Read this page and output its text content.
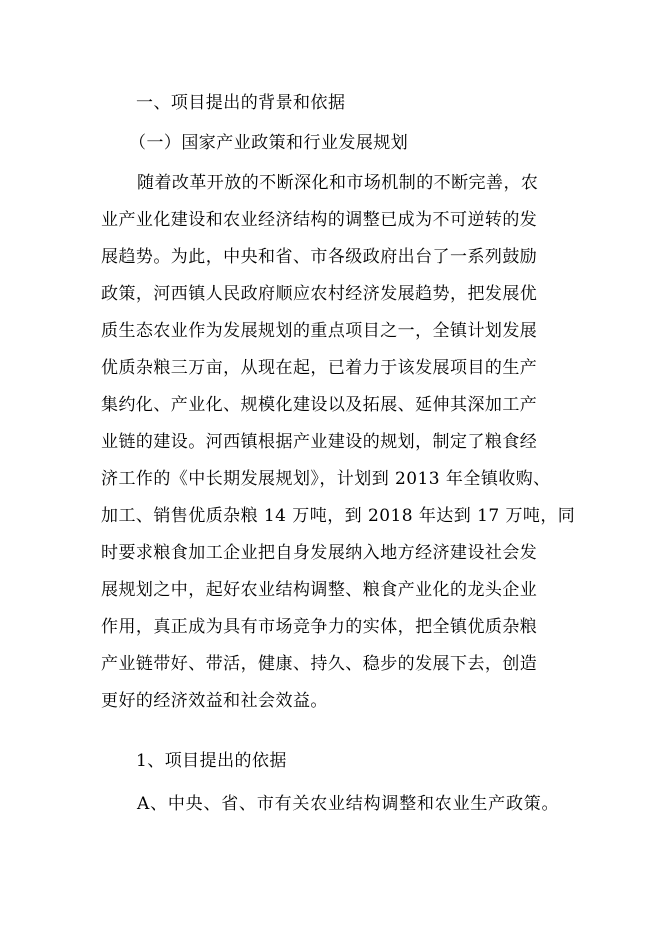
一、项目提出的背景和依据

（一）国家产业政策和行业发展规划

随着改革开放的不断深化和市场机制的不断完善，农

业产业化建设和农业经济结构的调整已成为不可逆转的发

展趋势。为此，中央和省、市各级政府出台了一系列鼓励

政策，河西镇人民政府顺应农村经济发展趋势，把发展优

质生态农业作为发展规划的重点项目之一，全镇计划发展

优质杂粮三万亩，从现在起，已着力于该发展项目的生产

集约化、产业化、规模化建设以及拓展、延伸其深加工产

业链的建设。河西镇根据产业建设的规划，制定了粮食经

济工作的《中长期发展规划》，计划到 2013 年全镇收购、

加工、销售优质杂粮 14 万吨，到 2018 年达到 17 万吨，同

时要求粮食加工企业把自身发展纳入地方经济建设社会发

展规划之中，起好农业结构调整、粮食产业化的龙头企业

作用，真正成为具有市场竞争力的实体，把全镇优质杂粮

产业链带好、带活，健康、持久、稳步的发展下去，创造

更好的经济效益和社会效益。

1、项目提出的依据

A、中央、省、市有关农业结构调整和农业生产政策。
